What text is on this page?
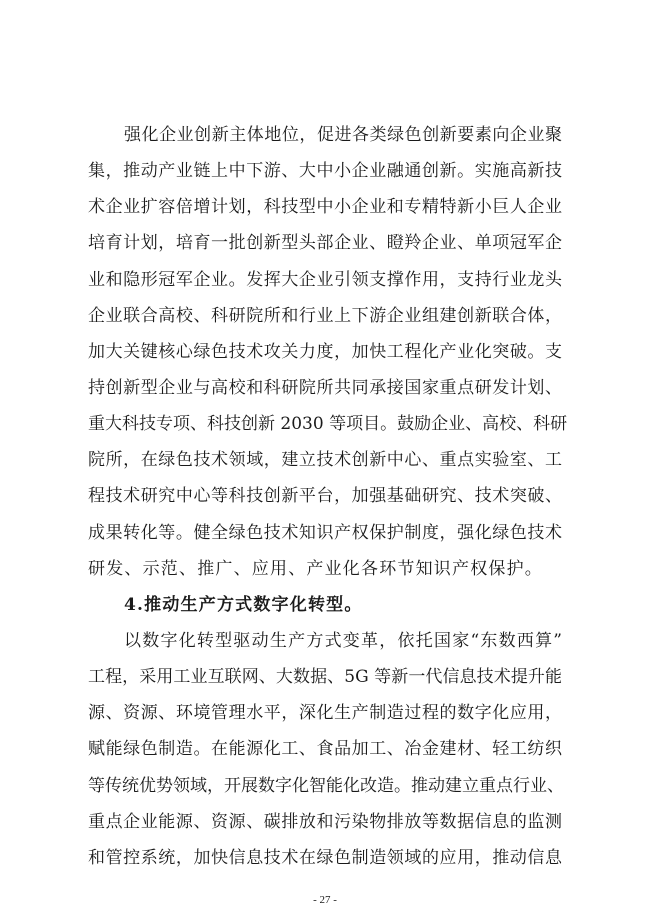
强化企业创新主体地位，促进各类绿色创新要素向企业聚
集，推动产业链上中下游、大中小企业融通创新。实施高新技
术企业扩容倍增计划，科技型中小企业和专精特新小巨人企业
培育计划，培育一批创新型头部企业、瞪羚企业、单项冠军企
业和隐形冠军企业。发挥大企业引领支撑作用，支持行业龙头
企业联合高校、科研院所和行业上下游企业组建创新联合体，
加大关键核心绿色技术攻关力度，加快工程化产业化突破。支
持创新型企业与高校和科研院所共同承接国家重点研发计划、
重大科技专项、科技创新 2030 等项目。鼓励企业、高校、科研
院所，在绿色技术领域，建立技术创新中心、重点实验室、工
程技术研究中心等科技创新平台，加强基础研究、技术突破、
成果转化等。健全绿色技术知识产权保护制度，强化绿色技术
研发、示范、推广、应用、产业化各环节知识产权保护。
4.推动生产方式数字化转型。
以数字化转型驱动生产方式变革，依托国家“东数西算”
工程，采用工业互联网、大数据、5G 等新一代信息技术提升能
源、资源、环境管理水平，深化生产制造过程的数字化应用，
赋能绿色制造。在能源化工、食品加工、冶金建材、轻工纺织
等传统优势领域，开展数字化智能化改造。推动建立重点行业、
重点企业能源、资源、碳排放和污染物排放等数据信息的监测
和管控系统，加快信息技术在绿色制造领域的应用，推动信息
- 27 -
